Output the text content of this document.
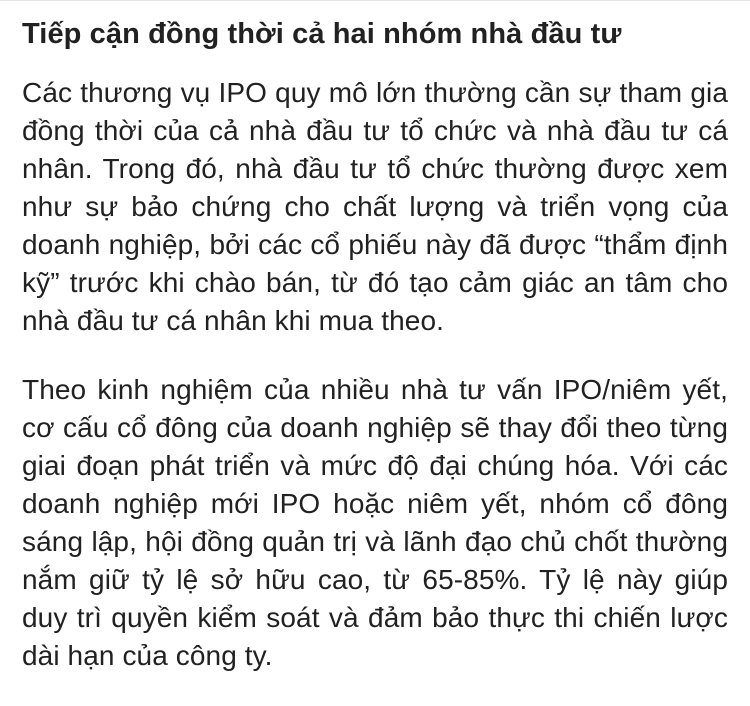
Tiếp cận đồng thời cả hai nhóm nhà đầu tư

Các thương vụ IPO quy mô lớn thường cần sự tham gia đồng thời của cả nhà đầu tư tổ chức và nhà đầu tư cá nhân. Trong đó, nhà đầu tư tổ chức thường được xem như sự bảo chứng cho chất lượng và triển vọng của doanh nghiệp, bởi các cổ phiếu này đã được “thẩm định kỹ” trước khi chào bán, từ đó tạo cảm giác an tâm cho nhà đầu tư cá nhân khi mua theo.

Theo kinh nghiệm của nhiều nhà tư vấn IPO/niêm yết, cơ cấu cổ đông của doanh nghiệp sẽ thay đổi theo từng giai đoạn phát triển và mức độ đại chúng hóa. Với các doanh nghiệp mới IPO hoặc niêm yết, nhóm cổ đông sáng lập, hội đồng quản trị và lãnh đạo chủ chốt thường nắm giữ tỷ lệ sở hữu cao, từ 65-85%. Tỷ lệ này giúp duy trì quyền kiểm soát và đảm bảo thực thi chiến lược dài hạn của công ty.
